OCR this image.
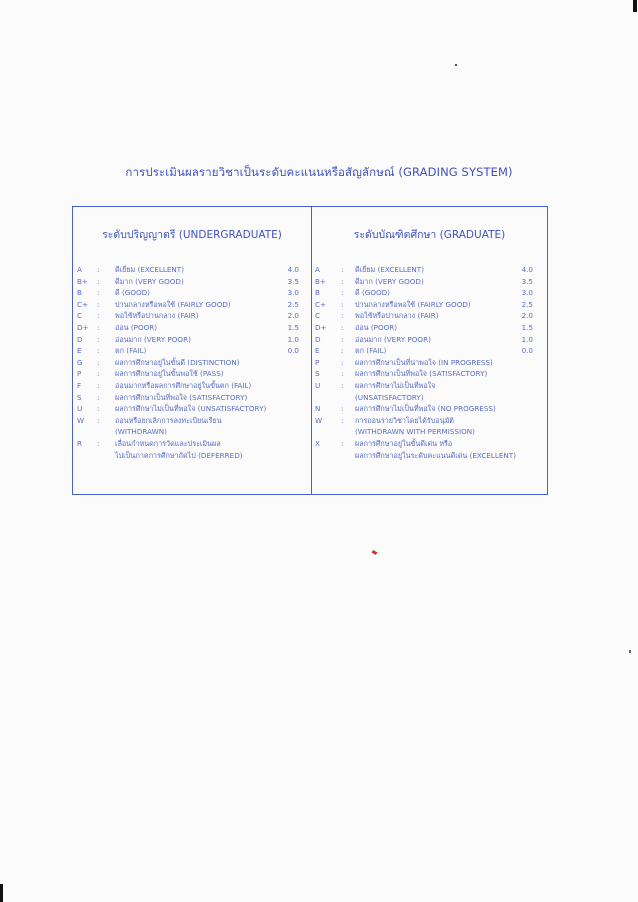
การประเมินผลรายวิชาเป็นระดับคะแนนหรือสัญลักษณ์ (GRADING SYSTEM)
ระดับปริญญาตรี (UNDERGRADUATE)
A	: ดีเยี่ยม (EXCELLENT)	4.0
B+	: ดีมาก (VERY GOOD)	3.5
B	: ดี (GOOD)	3.0
C+	: ปานกลางหรือพอใช้ (FAIRLY GOOD)	2.5
C	: พอใช้หรือปานกลาง (FAIR)	2.0
D+	: อ่อน (POOR)	1.5
D	: อ่อนมาก (VERY POOR)	1.0
E	: ตก (FAIL)	0.0
G	: ผลการศึกษาอยู่ในขั้นดี (DISTINCTION)
P	: ผลการศึกษาอยู่ในขั้นพอใช้ (PASS)
F	: อ่อนมากหรือผลการศึกษาอยู่ในขั้นตก (FAIL)
S	: ผลการศึกษาเป็นที่พอใจ (SATISFACTORY)
U	: ผลการศึกษาไม่เป็นที่พอใจ (UNSATISFACTORY)
W	: ถอนหรือยกเลิกการลงทะเบียนเรียน
(WITHDRAWN)
R	: เลื่อนกำหนดการวัดและประเมินผล
ไปเป็นภาคการศึกษาถัดไป (DEFERRED)
ระดับบัณฑิตศึกษา (GRADUATE)
A	: ดีเยี่ยม (EXCELLENT)	4.0
B+	: ดีมาก (VERY GOOD)	3.5
B	: ดี (GOOD)	3.0
C+	: ปานกลางหรือพอใช้ (FAIRLY GOOD)	2.5
C	: พอใช้หรือปานกลาง (FAIR)	2.0
D+	: อ่อน (POOR)	1.5
D	: อ่อนมาก (VERY POOR)	1.0
E	: ตก (FAIL)	0.0
P	: ผลการศึกษาเป็นที่น่าพอใจ (IN PROGRESS)
S	: ผลการศึกษาเป็นที่พอใจ (SATISFACTORY)
U	: ผลการศึกษาไม่เป็นที่พอใจ
(UNSATISFACTORY)
N	: ผลการศึกษาไม่เป็นที่พอใจ (NO PROGRESS)
W	: การถอนรายวิชาโดยได้รับอนุมัติ
(WITHDRAWN WITH PERMISSION)
X	: ผลการศึกษาอยู่ในขั้นดีเด่น หรือ
ผลการศึกษาอยู่ในระดับคะแนนดีเด่น (EXCELLENT)
